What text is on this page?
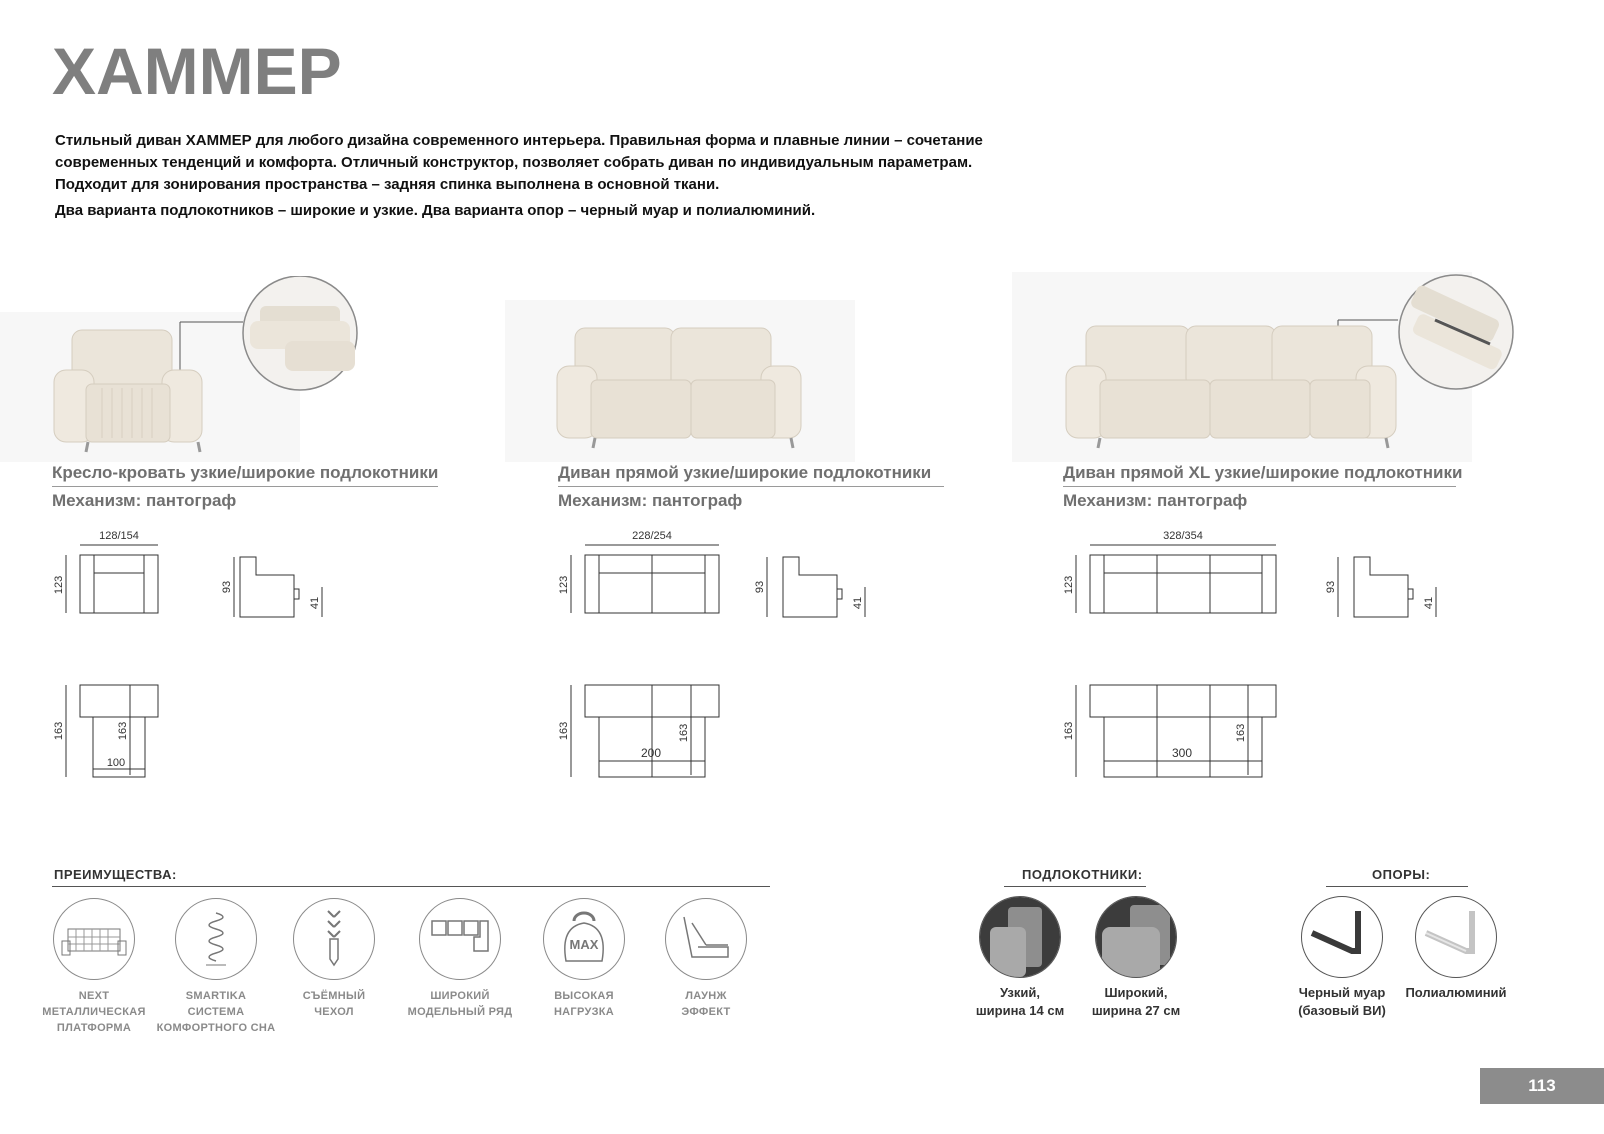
ХАММЕР
Стильный диван ХАММЕР для любого дизайна современного интерьера. Правильная форма и плавные линии – сочетание
современных тенденций и комфорта. Отличный конструктор, позволяет собрать диван по индивидуальным параметрам.
Подходит для зонирования пространства – задняя спинка выполнена в основной ткани.
Два варианта подлокотников – широкие и узкие. Два варианта опор – черный муар и полиалюминий.
Кресло-кровать узкие/широкие подлокотники
Механизм: пантограф
128/154
123	93
41
163	163
100
Диван прямой узкие/широкие подлокотники
Механизм: пантограф
228/254
123	93
41
163	163
200
Диван прямой XL узкие/широкие подлокотники
Механизм: пантограф
328/354
123	93
41
163	163
300
ПРЕИМУЩЕСТВА:
NEXT
МЕТАЛЛИЧЕСКАЯ
ПЛАТФОРМА
SMARTIKA
СИСТЕМА
КОМФОРТНОГО СНА
СЪЁМНЫЙ
ЧЕХОЛ
ШИРОКИЙ
МОДЕЛЬНЫЙ РЯД
MAX
ВЫСОКАЯ
НАГРУЗКА
ЛАУНЖ
ЭФФЕКТ
ПОДЛОКОТНИКИ:
Узкий,
ширина 14 см
Широкий,
ширина 27 см
ОПОРЫ:
Черный муар
(базовый ВИ)
Полиалюминий
113
